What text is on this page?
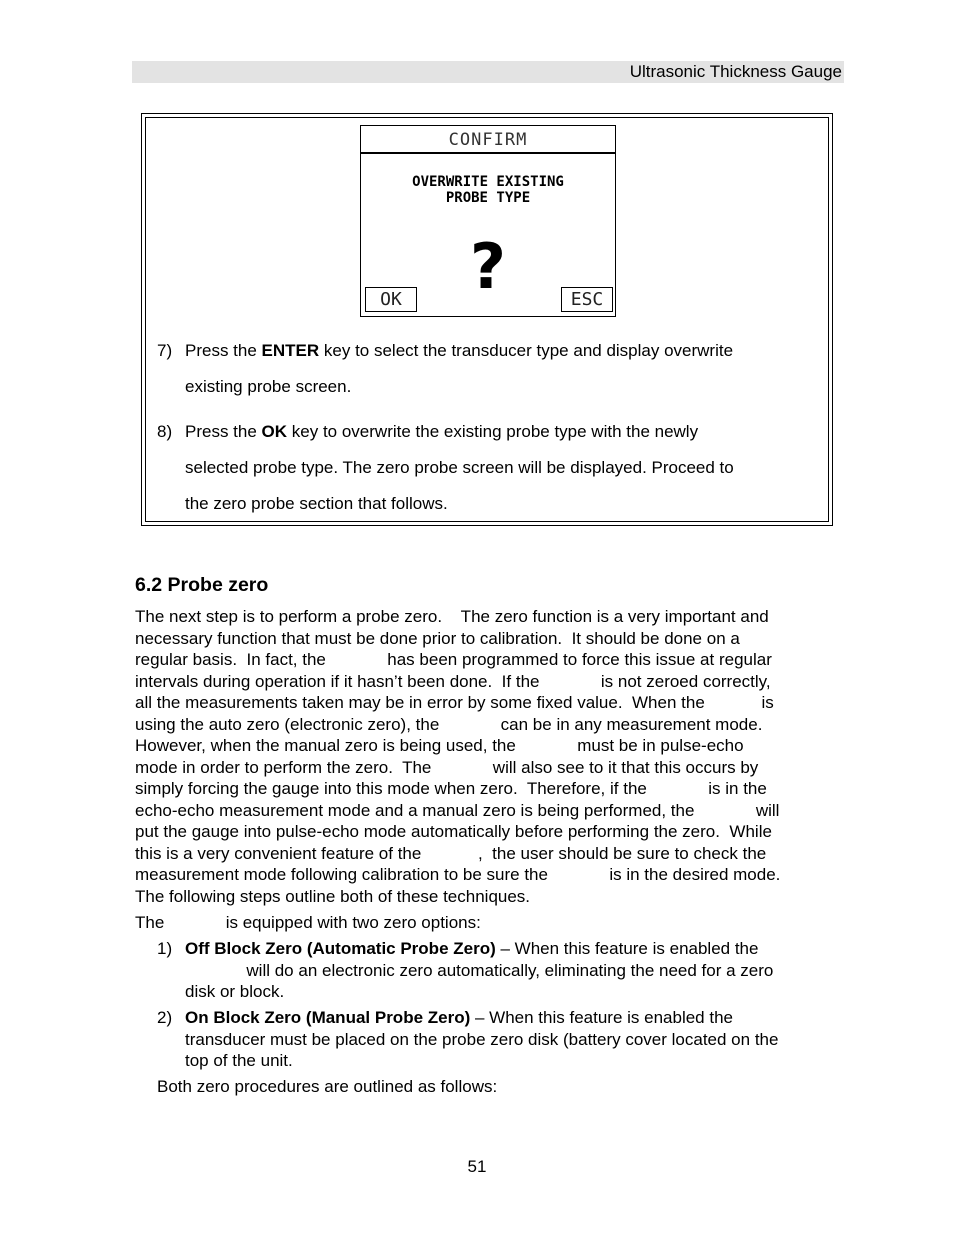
Ultrasonic Thickness Gauge
CONFIRM
OVERWRITE EXISTING
PROBE TYPE
?
OK	ESC
7) Press the ENTER key to select the transducer type and display overwrite
existing probe screen.
8) Press the OK key to overwrite the existing probe type with the newly
selected probe type. The zero probe screen will be displayed. Proceed to
the zero probe section that follows.
6.2 Probe zero
The next step is to perform a probe zero.    The zero function is a very important and
necessary function that must be done prior to calibration.  It should be done on a
regular basis.  In fact, the             has been programmed to force this issue at regular
intervals during operation if it hasn’t been done.  If the             is not zeroed correctly,
all the measurements taken may be in error by some fixed value.  When the            is
using the auto zero (electronic zero), the             can be in any measurement mode.
However, when the manual zero is being used, the             must be in pulse-echo
mode in order to perform the zero.  The             will also see to it that this occurs by
simply forcing the gauge into this mode when zero.  Therefore, if the             is in the
echo-echo measurement mode and a manual zero is being performed, the             will
put the gauge into pulse-echo mode automatically before performing the zero.  While
this is a very convenient feature of the            ,  the user should be sure to check the
measurement mode following calibration to be sure the             is in the desired mode.
The following steps outline both of these techniques.
The             is equipped with two zero options:
1) Off Block Zero (Automatic Probe Zero) – When this feature is enabled the
will do an electronic zero automatically, eliminating the need for a zero
disk or block.
2) On Block Zero (Manual Probe Zero) – When this feature is enabled the
transducer must be placed on the probe zero disk (battery cover located on the
top of the unit.
Both zero procedures are outlined as follows:
51
